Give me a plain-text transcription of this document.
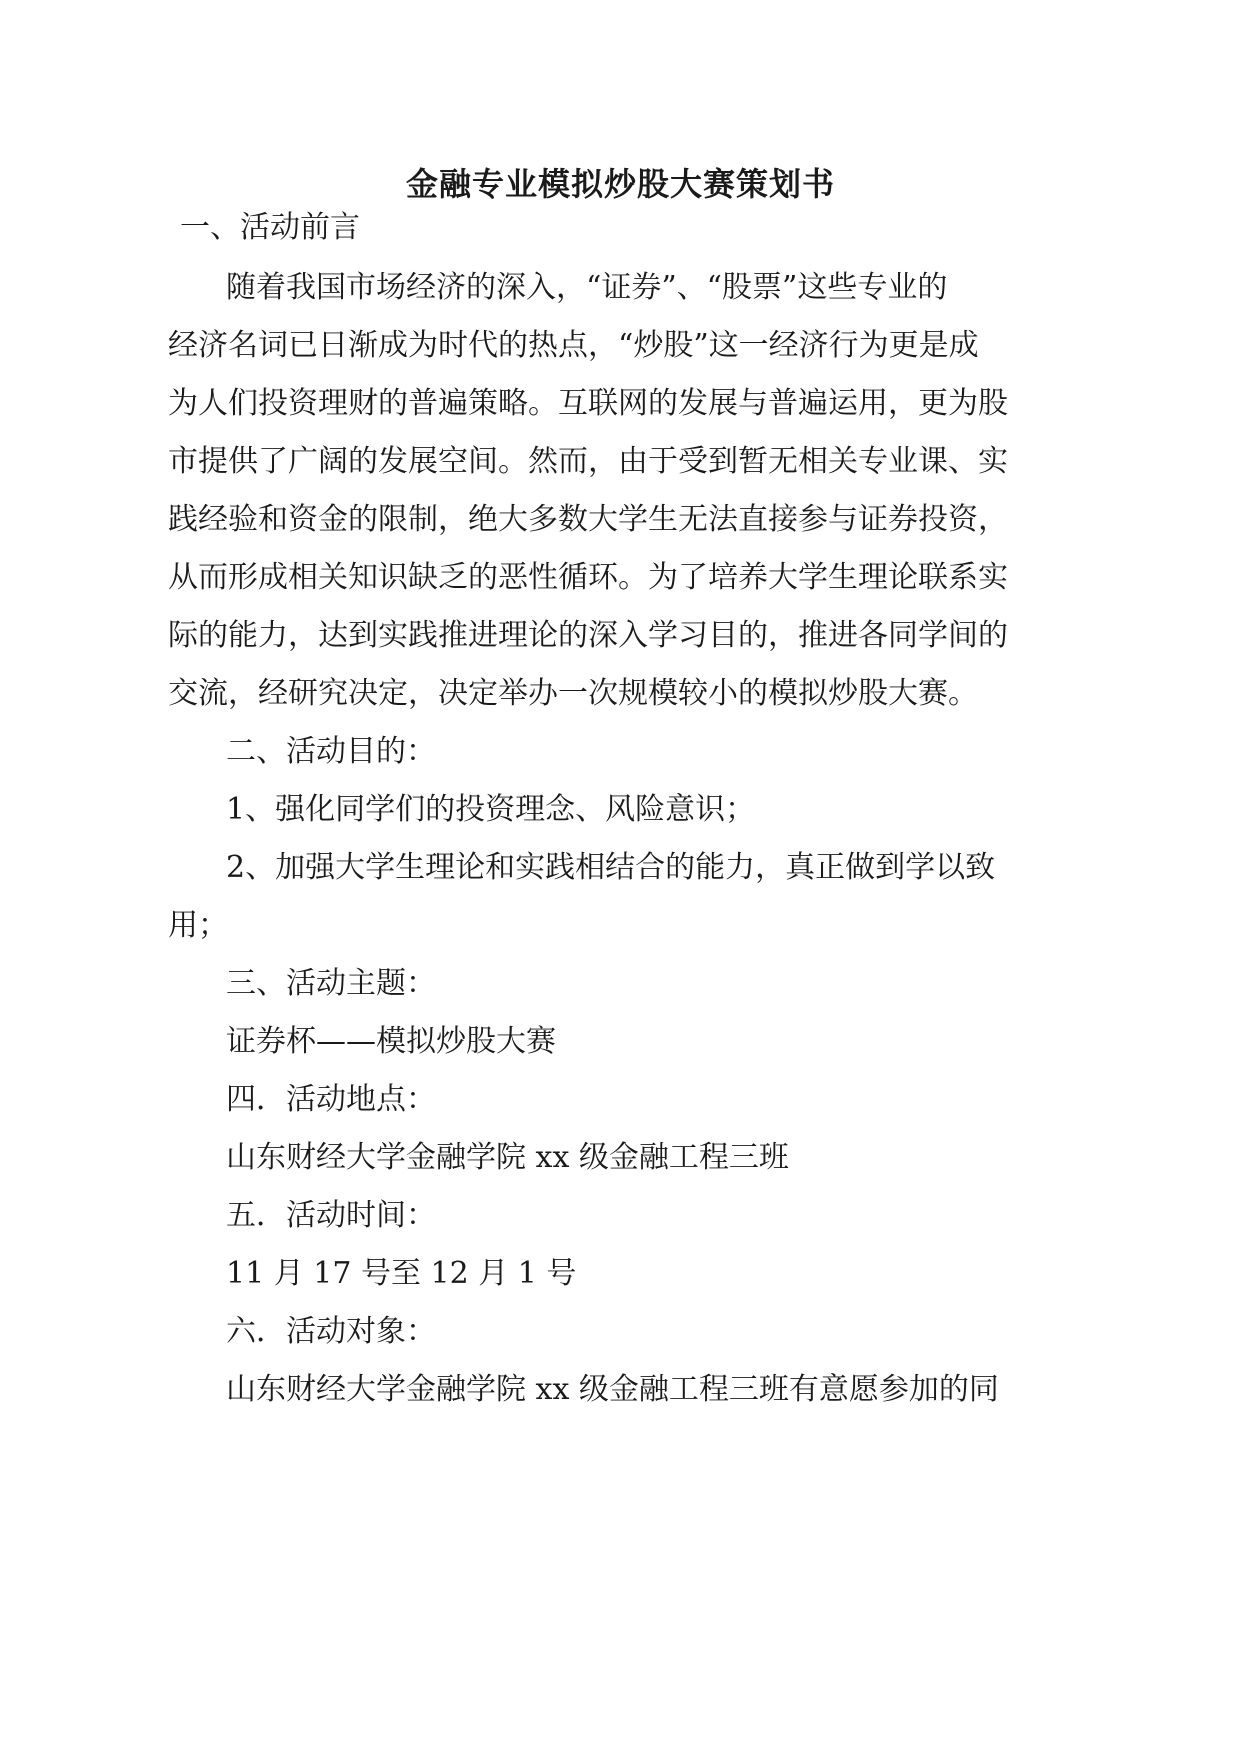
金融专业模拟炒股大赛策划书

一、活动前言

随着我国市场经济的深入，“证券”、“股票”这些专业的

经济名词已日渐成为时代的热点，“炒股”这一经济行为更是成

为人们投资理财的普遍策略。互联网的发展与普遍运用，更为股

市提供了广阔的发展空间。然而，由于受到暂无相关专业课、实

践经验和资金的限制，绝大多数大学生无法直接参与证券投资，

从而形成相关知识缺乏的恶性循环。为了培养大学生理论联系实

际的能力，达到实践推进理论的深入学习目的，推进各同学间的

交流，经研究决定，决定举办一次规模较小的模拟炒股大赛。

二、活动目的：

1、强化同学们的投资理念、风险意识；

2、加强大学生理论和实践相结合的能力，真正做到学以致

用；

三、活动主题：

证券杯——模拟炒股大赛

四．活动地点：

山东财经大学金融学院 xx 级金融工程三班

五．活动时间：

11 月 17 号至 12 月 1 号

六．活动对象：

山东财经大学金融学院 xx 级金融工程三班有意愿参加的同
